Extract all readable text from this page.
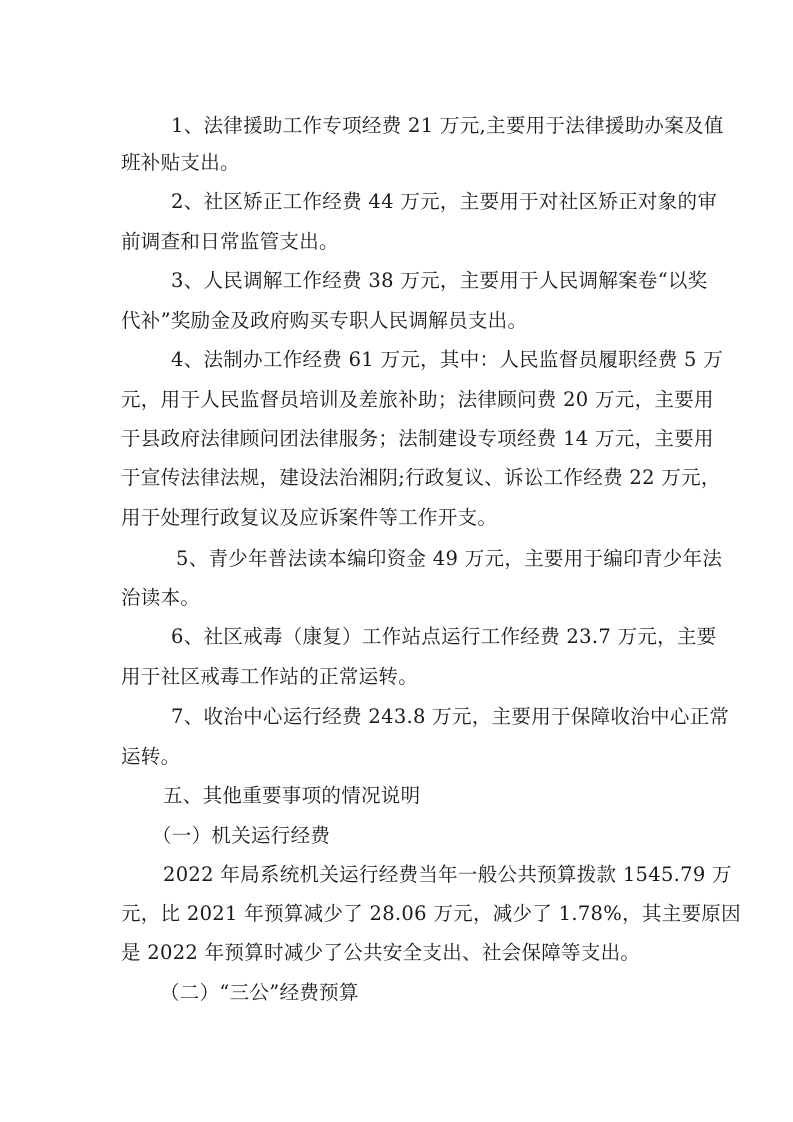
1、法律援助工作专项经费 21 万元,主要用于法律援助办案及值
班补贴支出。
2、社区矫正工作经费 44 万元，主要用于对社区矫正对象的审
前调查和日常监管支出。
3、人民调解工作经费 38 万元，主要用于人民调解案卷“以奖
代补”奖励金及政府购买专职人民调解员支出。
4、法制办工作经费 61 万元，其中：人民监督员履职经费 5 万
元，用于人民监督员培训及差旅补助；法律顾问费 20 万元，主要用
于县政府法律顾问团法律服务；法制建设专项经费 14 万元，主要用
于宣传法律法规，建设法治湘阴;行政复议、诉讼工作经费 22 万元，
用于处理行政复议及应诉案件等工作开支。
5、青少年普法读本编印资金 49 万元，主要用于编印青少年法
治读本。
6、社区戒毒（康复）工作站点运行工作经费 23.7 万元，主要
用于社区戒毒工作站的正常运转。
7、收治中心运行经费 243.8 万元，主要用于保障收治中心正常
运转。
五、其他重要事项的情况说明
（一）机关运行经费
2022 年局系统机关运行经费当年一般公共预算拨款 1545.79 万
元，比 2021 年预算减少了 28.06 万元，减少了 1.78%，其主要原因
是 2022 年预算时减少了公共安全支出、社会保障等支出。
（二）“三公”经费预算
